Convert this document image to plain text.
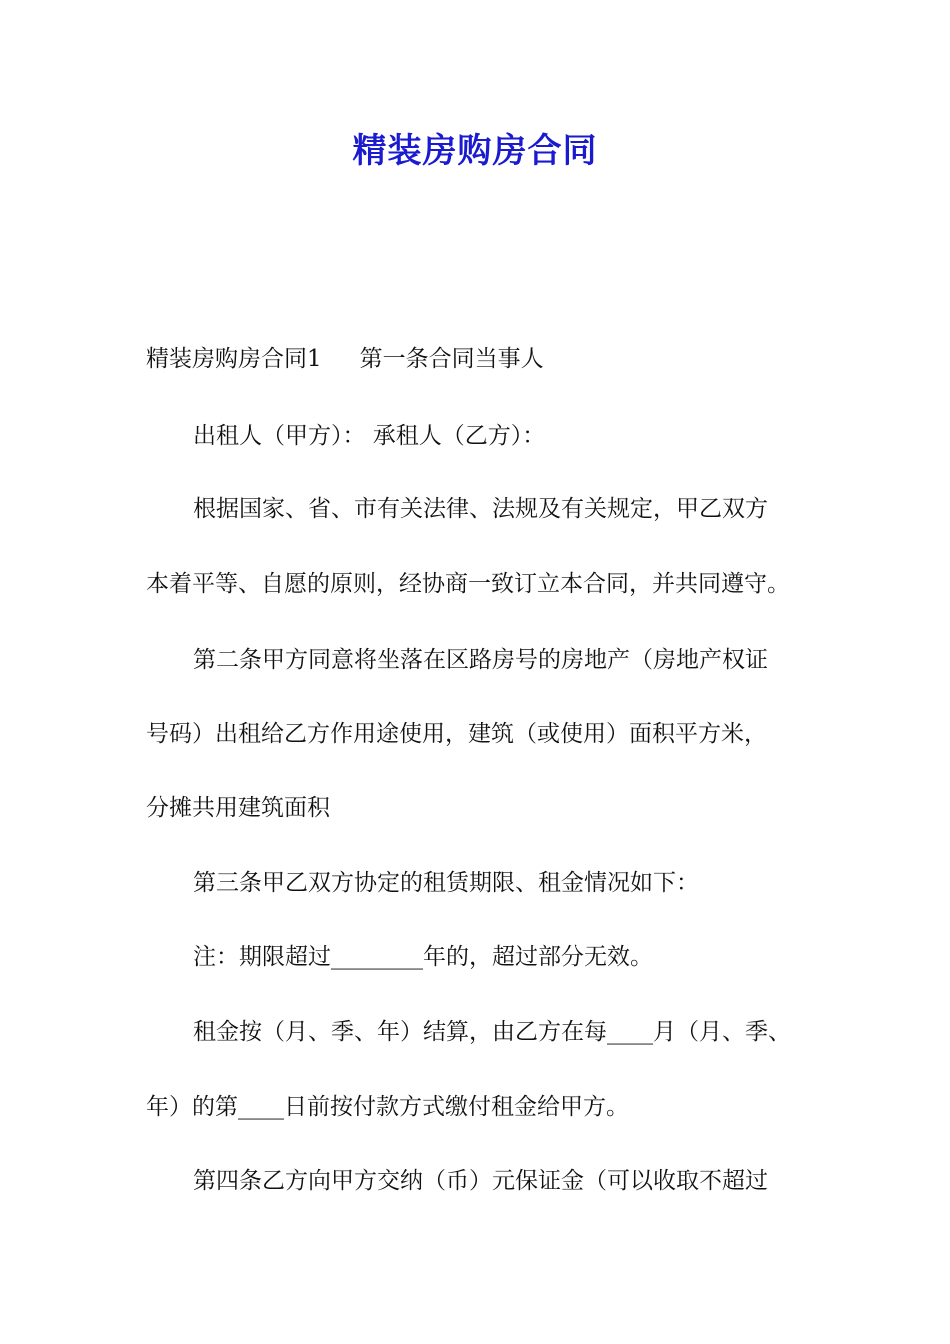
精装房购房合同
精装房购房合同1 第一条合同当事人
出租人（甲方）： 承租人（乙方）：
根据国家、省、市有关法律、法规及有关规定，甲乙双方
本着平等、自愿的原则，经协商一致订立本合同，并共同遵守。
第二条甲方同意将坐落在区路房号的房地产（房地产权证
号码）出租给乙方作用途使用，建筑（或使用）面积平方米，
分摊共用建筑面积
第三条甲乙双方协定的租赁期限、租金情况如下：
注：期限超过________年的，超过部分无效。
租金按（月、季、年）结算，由乙方在每____月（月、季、
年）的第____日前按付款方式缴付租金给甲方。
第四条乙方向甲方交纳（币）元保证金（可以收取不超过
